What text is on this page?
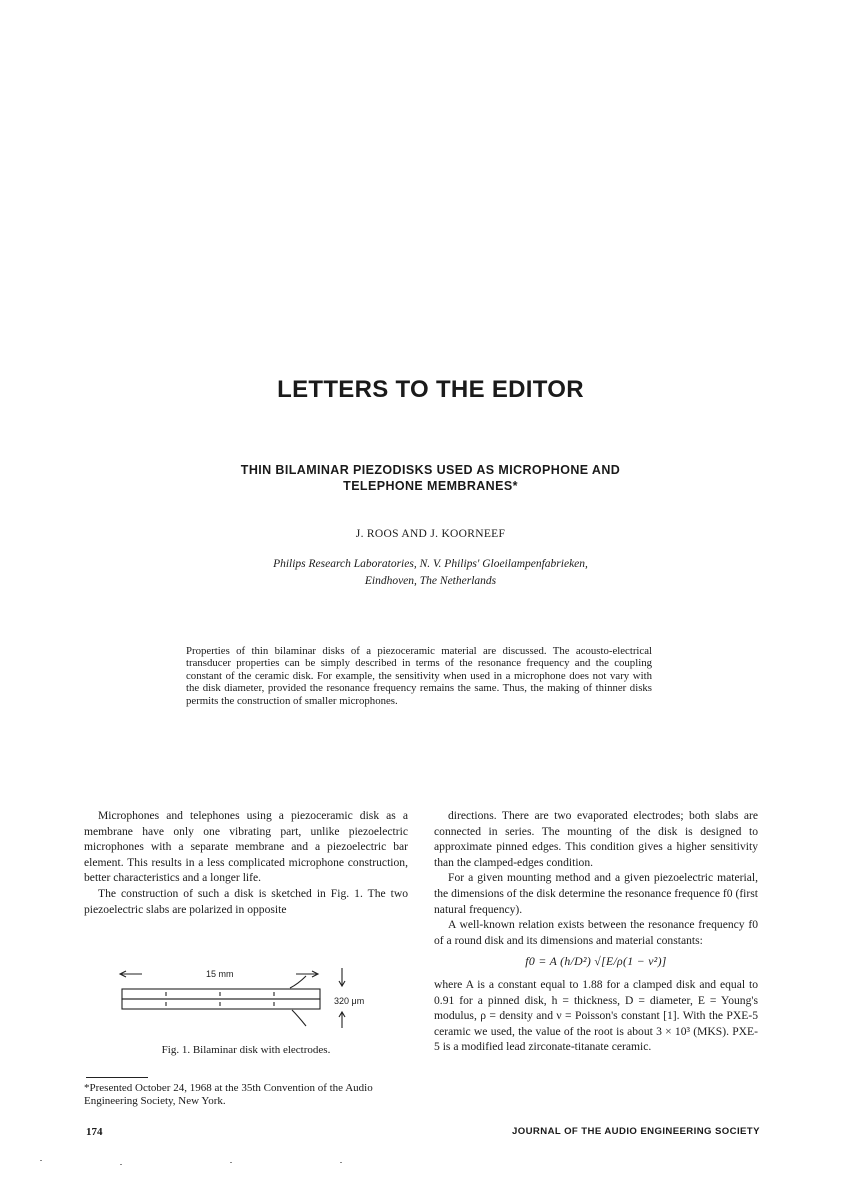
LETTERS TO THE EDITOR
THIN BILAMINAR PIEZODISKS USED AS MICROPHONE AND
TELEPHONE MEMBRANES*
J. ROOS AND J. KOORNEEF
Philips Research Laboratories, N. V. Philips' Gloeilampenfabrieken,
Eindhoven, The Netherlands

Properties of thin bilaminar disks of a piezoceramic material are discussed. The acousto-electrical transducer properties can be simply described in terms of the resonance frequency and the coupling constant of the ceramic disk. For example, the sensitivity when used in a microphone does not vary with the disk diameter, provided the resonance frequency remains the same. Thus, the making of thinner disks permits the construction of smaller microphones.

Microphones and telephones using a piezoceramic disk as a membrane have only one vibrating part, unlike piezoelectric microphones with a separate membrane and a piezoelectric bar element. This results in a less complicated microphone construction, better characteristics and a longer life.

The construction of such a disk is sketched in Fig. 1. The two piezoelectric slabs are polarized in opposite

15 mm
320 μm
Fig. 1. Bilaminar disk with electrodes.
*Presented October 24, 1968 at the 35th Convention of the Audio Engineering Society, New York.

directions. There are two evaporated electrodes; both slabs are connected in series. The mounting of the disk is designed to approximate pinned edges. This condition gives a higher sensitivity than the clamped-edges condition.

For a given mounting method and a given piezoelectric material, the dimensions of the disk determine the resonance frequence f0 (first natural frequency).

A well-known relation exists between the resonance frequency f0 of a round disk and its dimensions and material constants:

f0 = A (h/D²) √[E/ρ(1 − ν²)]

where A is a constant equal to 1.88 for a clamped disk and equal to 0.91 for a pinned disk, h = thickness, D = diameter, E = Young's modulus, ρ = density and ν = Poisson's constant [1]. With the PXE-5 ceramic we used, the value of the root is about 3 × 10³ (MKS). PXE-5 is a modified lead zirconate-titanate ceramic.

174	JOURNAL OF THE AUDIO ENGINEERING SOCIETY
